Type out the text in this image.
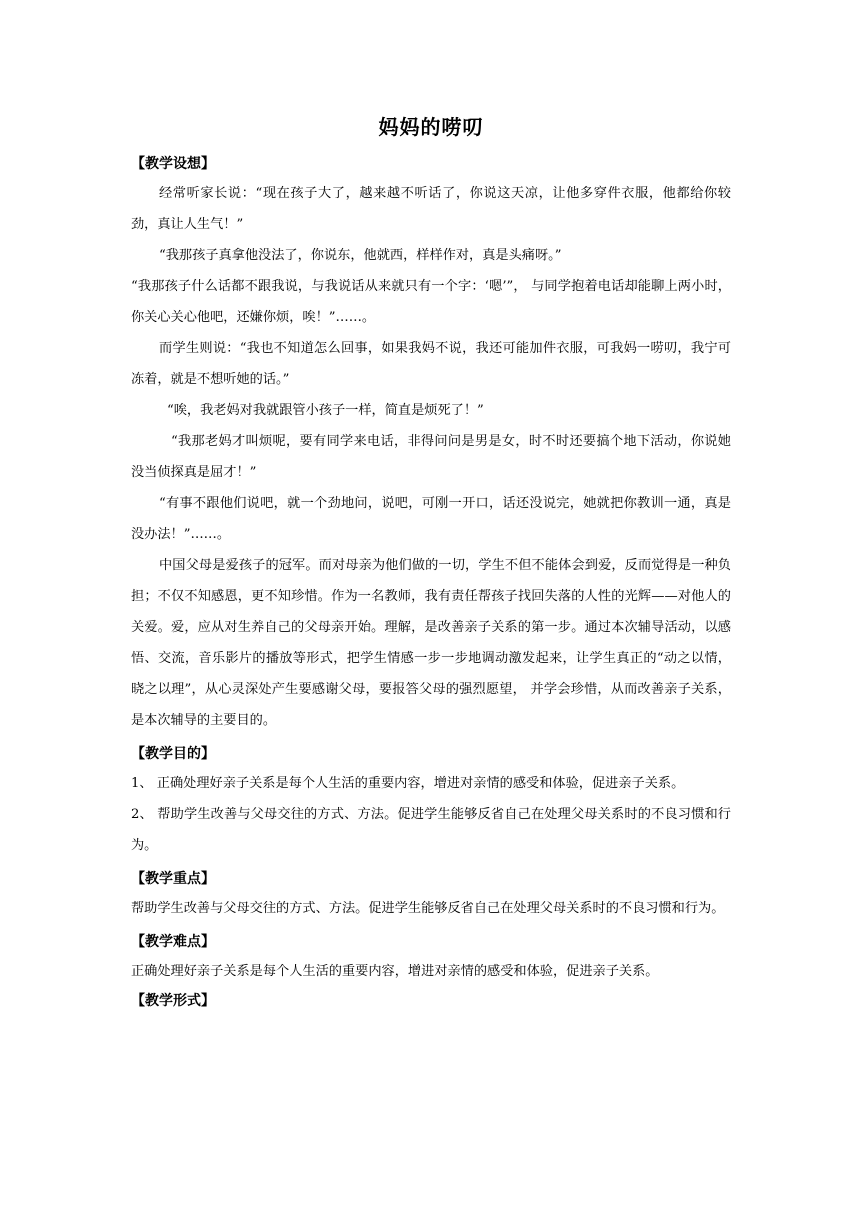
妈妈的唠叨

【教学设想】

经常听家长说：“现在孩子大了，越来越不听话了，你说这天凉，让他多穿件衣服，他都给你较劲，真让人生气！”

“我那孩子真拿他没法了，你说东，他就西，样样作对，真是头痛呀。”

“我那孩子什么话都不跟我说，与我说话从来就只有一个字：‘嗯’”， 与同学抱着电话却能聊上两小时，你关心关心他吧，还嫌你烦，唉！”……。

而学生则说：“我也不知道怎么回事，如果我妈不说，我还可能加件衣服，可我妈一唠叨，我宁可冻着，就是不想听她的话。”

“唉，我老妈对我就跟管小孩子一样，简直是烦死了！”

“我那老妈才叫烦呢，要有同学来电话，非得问问是男是女，时不时还要搞个地下活动，你说她没当侦探真是屈才！”

“有事不跟他们说吧，就一个劲地问，说吧，可刚一开口，话还没说完，她就把你教训一通，真是没办法！”……。

中国父母是爱孩子的冠军。而对母亲为他们做的一切，学生不但不能体会到爱，反而觉得是一种负担；不仅不知感恩，更不知珍惜。作为一名教师，我有责任帮孩子找回失落的人性的光辉——对他人的关爱。爱，应从对生养自己的父母亲开始。理解，是改善亲子关系的第一步。通过本次辅导活动，以感悟、交流，音乐影片的播放等形式，把学生情感一步一步地调动激发起来，让学生真正的“动之以情，晓之以理”，从心灵深处产生要感谢父母，要报答父母的强烈愿望， 并学会珍惜，从而改善亲子关系，是本次辅导的主要目的。

【教学目的】

1、 正确处理好亲子关系是每个人生活的重要内容，增进对亲情的感受和体验，促进亲子关系。

2、 帮助学生改善与父母交往的方式、方法。促进学生能够反省自己在处理父母关系时的不良习惯和行为。

【教学重点】

帮助学生改善与父母交往的方式、方法。促进学生能够反省自己在处理父母关系时的不良习惯和行为。

【教学难点】

正确处理好亲子关系是每个人生活的重要内容，增进对亲情的感受和体验，促进亲子关系。

【教学形式】
